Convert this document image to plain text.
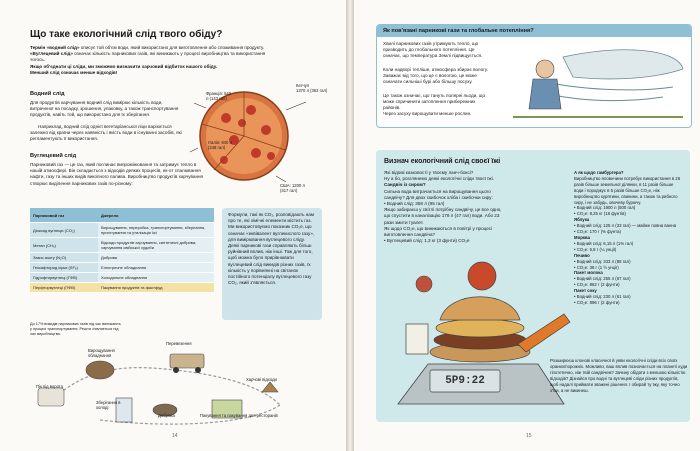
Що таке екологічний слід твого обіду?
Термін «водний слід» описує той об'єм води, який використано для виготовлення або споживання продукту. «Вуглецевий слід» означає кількість парникових газів, які виникають у процесі виробництва та використання чогось.
Якщо об'єднати ці сліди, ми зможемо визначити харчовий відбиток нашого обіду.
Менший слід означає менше відходів!
Водний слід
Для продуктів харчування водний слід вимірює кількість води, витраченої на посадку, зрошення, упаковку, а також транспортування продуктів, навіть той, що використано для їх зберігання.
Наприклад, водний слід однієї вегетаріанської піци варіюється залежно від країни через наявність і якість води в існуванні засобів, які регламентують її використання.
Кетчуп
1370 л (362 гал)
Франція: 540 л (143 гал)
Італія: 940 л (248 гал)
США: 1200 л (317 гал)
Вуглецевий слід
Парниковий газ — це газ, який поглинає випромінювання та затримує тепло в нашій атмосфері. Він складається з відходів деяких процесів, як-от спалювання нафти, газу та інших видів викопного палива. Виробництво продуктів харчування створює виділення парникових газів по-різному:
Парниковий газ	Джерело
Діоксид вуглецю (CO₂)	Вирощування, переробка, транспортування, зберігання, приготування та утилізація їжі
Метан (CH₄)	Відходи продуктів харчування, синтетичні добрива, харчування свійської худоби
Закис азоту (N₂O)	Добрива
Гексафторид сірки (SF₆)	Електричне обладнання
Гідрофторвуглеці (ГФВ)	Холодильне обладнання
Перфторвуглеці (ПФВ)	Пакування продуктів та фастфуд
Формули, такі як CO₂, розповідають нам про те, які хімічні елементи містить газ. Ми використовуємо показник CO₂e, що означає «еквівалент вуглекислого газу», для вимірювання вуглецевого сліду. Деякі парникові гази справляють більш руйнівний вплив, ніж інші. Тож для того, щоб можна було прирівнювати вуглецевий слід викидів різних газів, їх кількість у порівнянні на світанок постійного потенціалу вуглецевого газу CO₂, який з'являється.
До 17% викидів парникових газів під час виникають у процесі транспортування. Решта з'являється під час виробництва.
Пік під ворота
Вирощування обладнання
Перевезення
Зберігання в холоді
Доброва	Пакування та пакування для ресторанів
Харчові відходи
14
Як пов'язані парникові гази та глобальне потепління?
Хвилі парникових газів утримують тепло, що призводить до глобального потепління. Це означає, що температура Землі підвищується.
Коли надворі тепліше, атмосфера збирає вологу. Заважає від того, що це є вологою, це може означати сильніші бурі або більшу посуху.
Це також означає, що тануть полярні льоди, що може спричинити затоплення прибережних районів.
Через засуху вирощувати менше рослин.
Визнач екологічний слід своєї їжі
Які відомі казковості у твоєму ланч-боксі?
Ну а бо, розглянемо деякі екологічні сліди твоєї їжі.
Сандвіч із сиром?
Сильна вода витрачається на вирощування цього сандвічу? Для двох скибочок хліба і скибочки сиру:
• Водний слід: 358 л (95 гал)
Якщо забираєш у світлі потрібну сандвічу, це все одно, що спустити в каналізацію 179 л (47 гал) води. Або 23 рази змити туалет.
Як щодо CO₂e, що виникаються в повітрі у процесі виготовлення сандвіча?
• Вуглецевий слід: 1,3 кг (3 фунти) CO₂e
А як щодо гамбургера?
Виробництво яловичини потребує використання в 26 разів більше земельної ділянки, в 11 разів більше води і породжує в 5 разів більше CO₂e, ніж виробництво курятини, свинини, а також та рибного сиру, і не забудь, овочеву бурючу.
• Водний слід: 1900 л (500 гал)
• CO₂e: 8,25 кг (18 фунтів)
Яблука
• Водний слід: 125 л (33 гал) — майже повна ванна
• CO₂e: 170 г (% фунта)
Морква
• Водний слід: 6,15 л (1% гал)
• CO₂e: 6,8 г (¼ унції)
Печиво
• Водний слід: 333 л (88 гал)
• CO₂e: 38 г (1 ½ унції)
Пакет молока
• Водний слід: 255 л (67 гал)
• CO₂e: 862 г (2 фунти)
Пакет соку
• Водний слід: 230 л (61 гал)
• CO₂e: 896 г (2 фунти)
5P9:22
Розширюєш клонові класичної й уяви екологічні сліди всіх своїх ораних/порожніх. Можливо, ваш вплив позначається на планеті куди гіпотетично, ніж твій сандвічем? Зачину обідати з меншою кількістю відходів? Дізнайся про водні та вуглецеві сліди різних продуктів, щоб надалі приймати зважені рішення. І обирай ту їжу, яку точно з'їси, а не викинеш.
15
